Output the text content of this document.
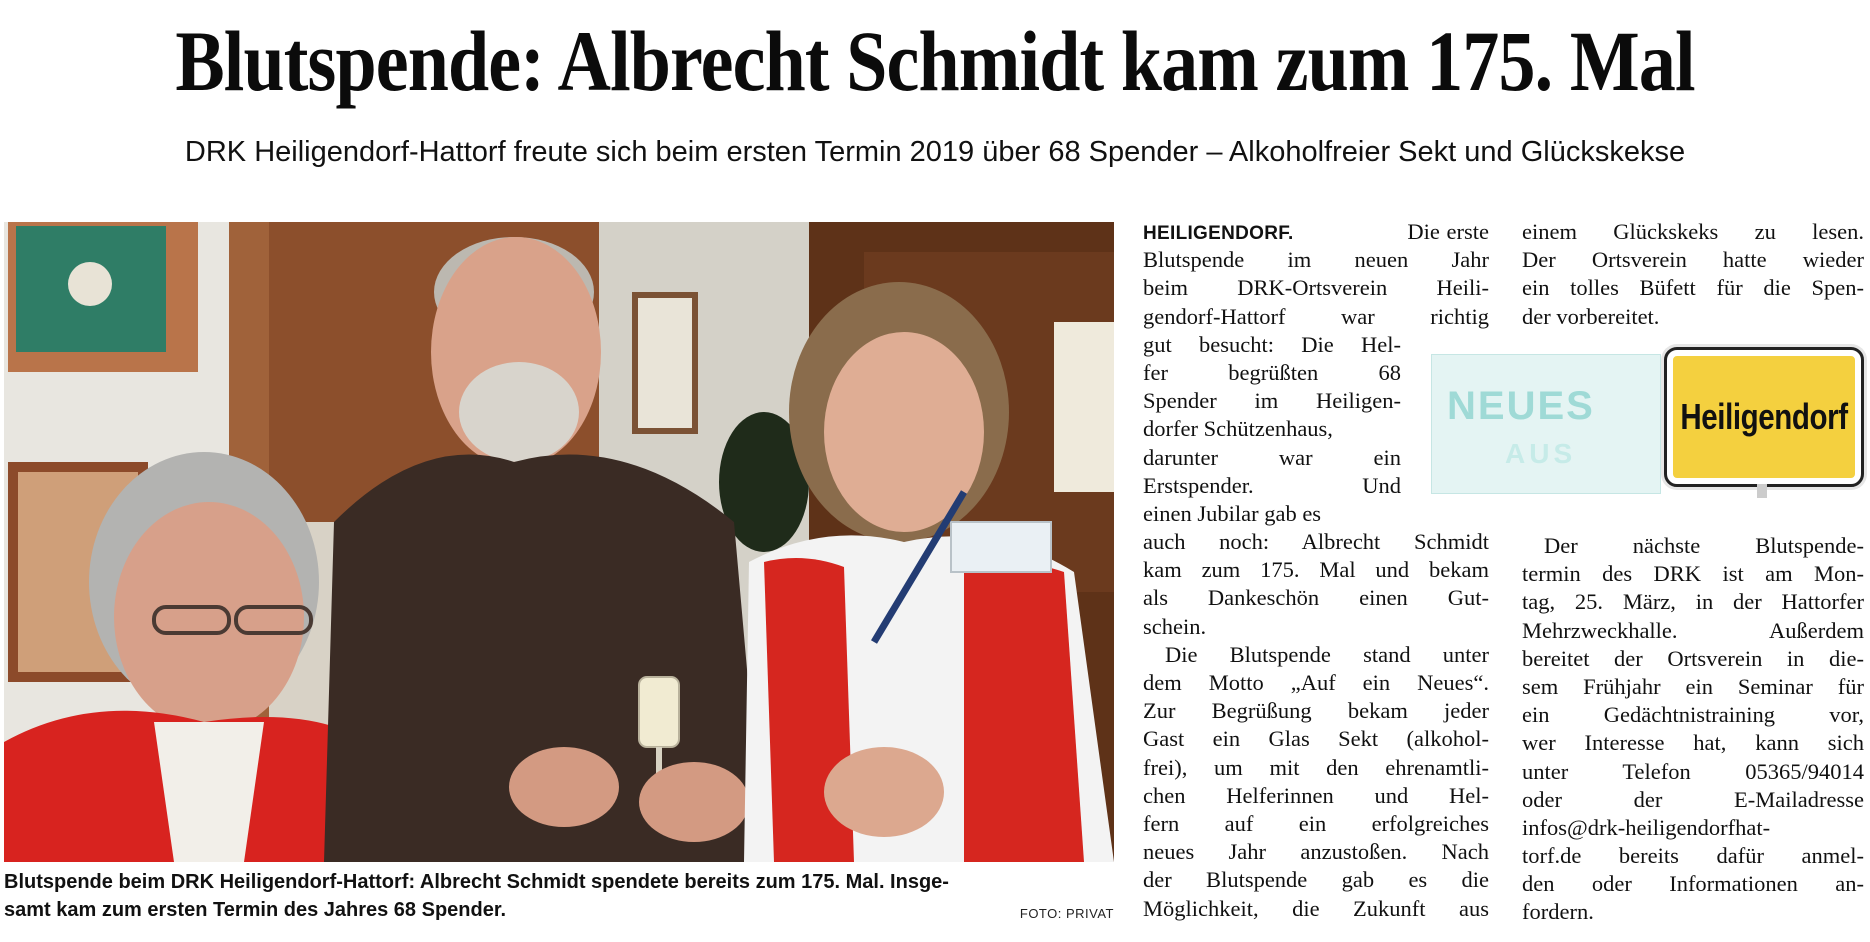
Blutspende: Albrecht Schmidt kam zum 175. Mal
DRK Heiligendorf-Hattorf freute sich beim ersten Termin 2019 über 68 Spender – Alkoholfreier Sekt und Glückskekse
Blutspende beim DRK Heiligendorf-Hattorf: Albrecht Schmidt spendete bereits zum 175. Mal. Insge-
samt kam zum ersten Termin des Jahres 68 Spender.	FOTO: PRIVAT
HEILIGENDORF.	Die erste
Blutspende im neuen Jahr
beim DRK-Ortsverein Heili-
gendorf-Hattorf war richtig
gut besucht: Die Hel-
fer begrüßten 68
Spender im Heiligen-
dorfer Schützenhaus,
darunter war ein
Erstspender. Und
einen Jubilar gab es
auch noch: Albrecht Schmidt
kam zum 175. Mal und bekam
als Dankeschön einen Gut-
schein.
Die Blutspende stand unter
dem Motto „Auf ein Neues“.
Zur Begrüßung bekam jeder
Gast ein Glas Sekt (alkohol-
frei), um mit den ehrenamtli-
chen Helferinnen und Hel-
fern auf ein erfolgreiches
neues Jahr anzustoßen. Nach
der Blutspende gab es die
Möglichkeit, die Zukunft aus
einem Glückskeks zu lesen.
Der Ortsverein hatte wieder
ein tolles Büfett für die Spen-
der vorbereitet.
NEUES
AUS
Heiligendorf
Der nächste Blutspende-
termin des DRK ist am Mon-
tag, 25. März, in der Hattorfer
Mehrzweckhalle. Außerdem
bereitet der Ortsverein in die-
sem Frühjahr ein Seminar für
ein Gedächtnistraining vor,
wer Interesse hat, kann sich
unter Telefon 05365/94014
oder der E-Mailadresse
infos@drk-heiligendorfhat-
torf.de bereits dafür anmel-
den oder Informationen an-
fordern.
